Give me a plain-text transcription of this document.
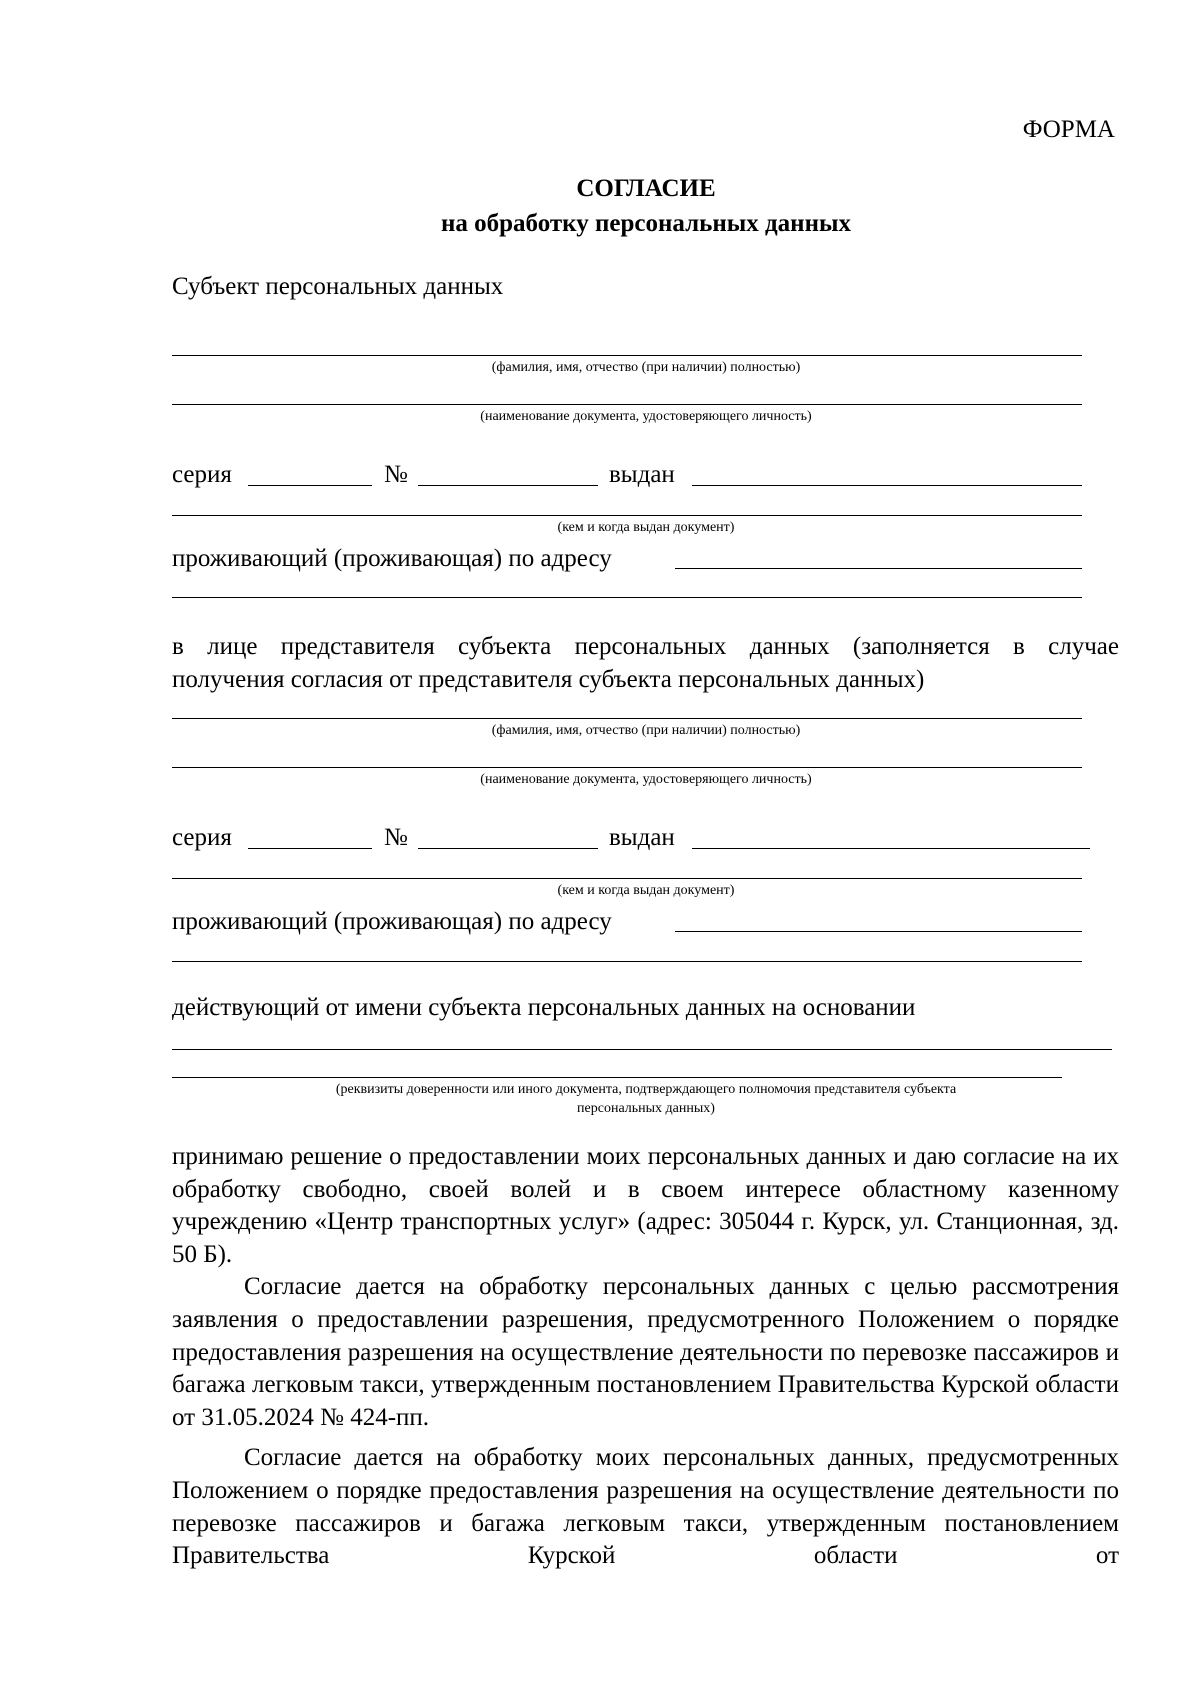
ФОРМА
СОГЛАСИЕ
на обработку персональных данных
Субъект персональных данных
(фамилия, имя, отчество (при наличии) полностью)
(наименование документа, удостоверяющего личность)
серия	№	выдан
(кем и когда выдан документ)
проживающий (проживающая) по адресу
в лице представителя субъекта персональных данных (заполняется в случае
получения согласия от представителя субъекта персональных данных)
(фамилия, имя, отчество (при наличии) полностью)
(наименование документа, удостоверяющего личность)
серия	№	выдан
(кем и когда выдан документ)
проживающий (проживающая) по адресу
действующий от имени субъекта персональных данных на основании
(реквизиты доверенности или иного документа, подтверждающего полномочия представителя субъекта
персональных данных)

принимаю решение о предоставлении моих персональных данных и даю согласие на их обработку свободно, своей волей и в своем интересе областному казенному учреждению «Центр транспортных услуг» (адрес: 305044 г. Курск, ул. Станционная, зд. 50 Б).

Согласие дается на обработку персональных данных с целью рассмотрения заявления о предоставлении разрешения, предусмотренного Положением о порядке предоставления разрешения на осуществление деятельности по перевозке пассажиров и багажа легковым такси, утвержденным постановлением Правительства Курской области от 31.05.2024 № 424-пп.

Согласие дается на обработку моих персональных данных, предусмотренных Положением о порядке предоставления разрешения на осуществление деятельности по перевозке пассажиров и багажа легковым такси, утвержденным постановлением Правительства Курской области от
